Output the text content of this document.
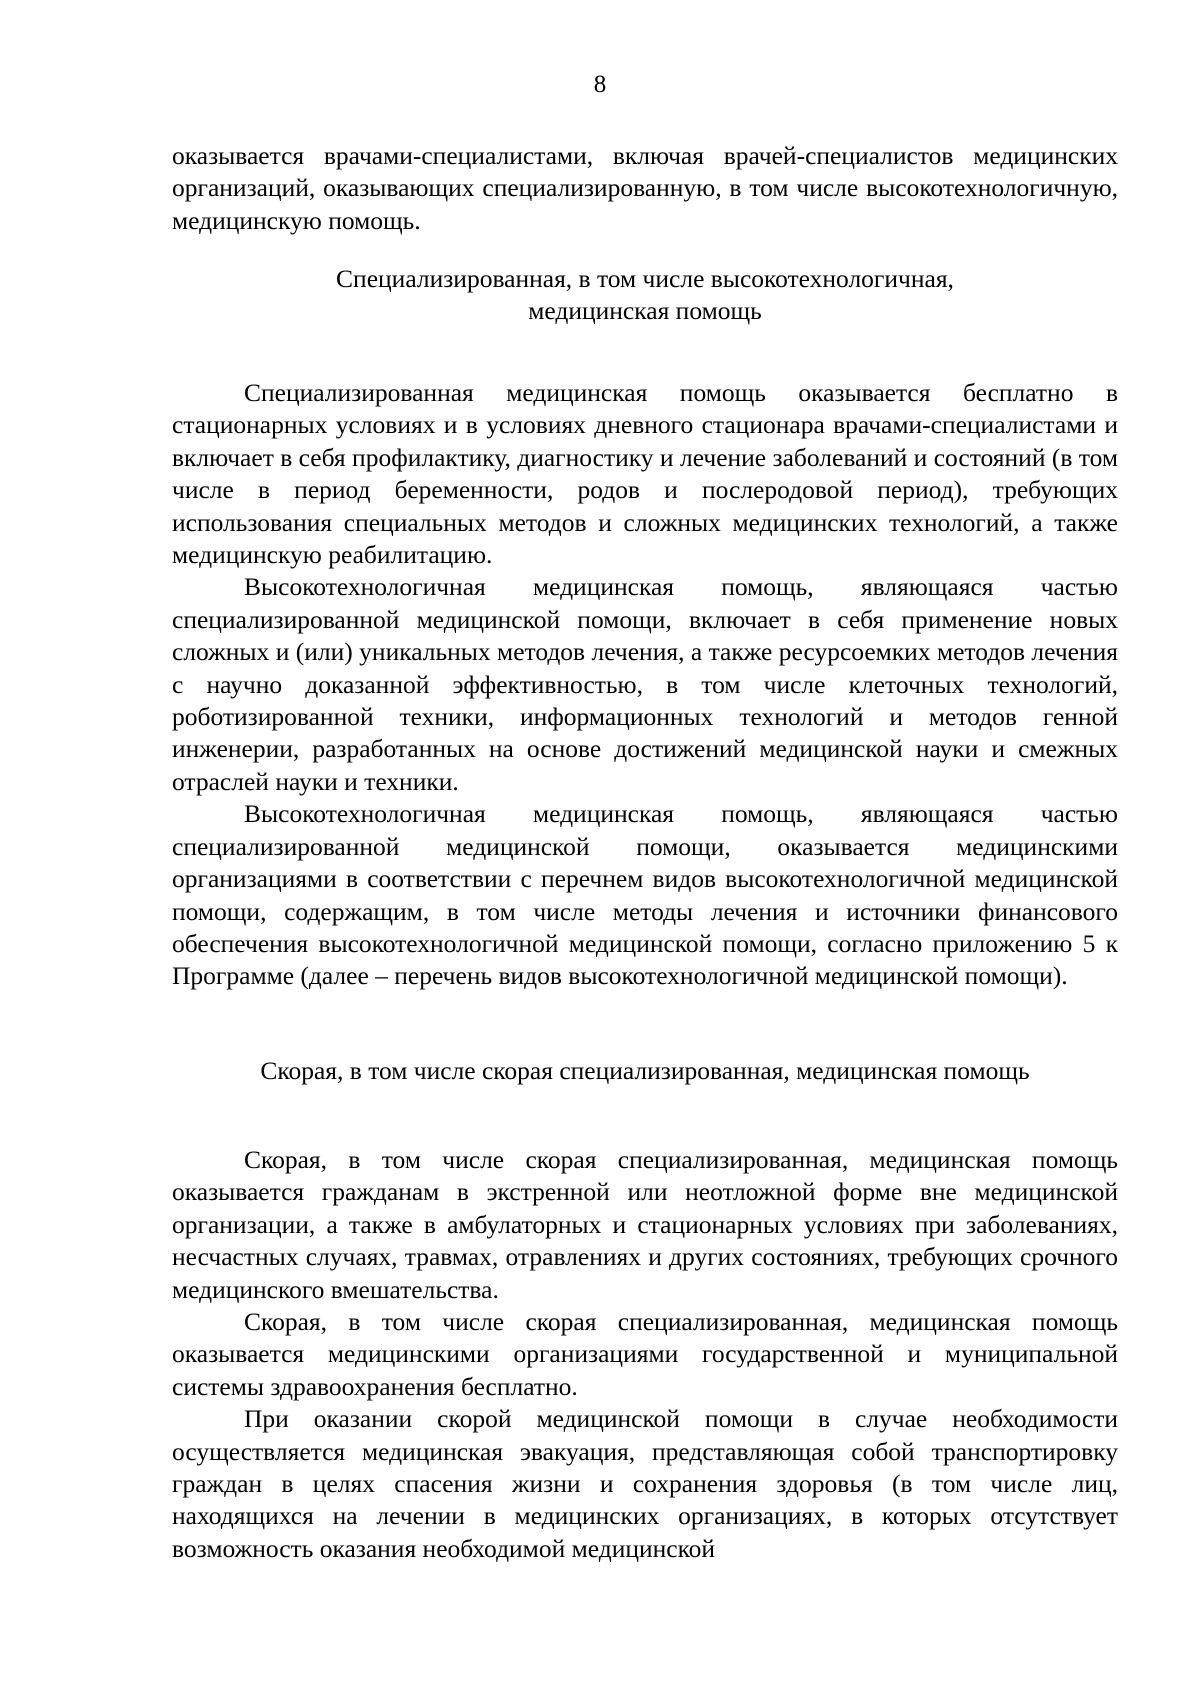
8

оказывается врачами-специалистами, включая врачей-специалистов медицинских организаций, оказывающих специализированную, в том числе высокотехнологичную, медицинскую помощь.

Специализированная, в том числе высокотехнологичная,
медицинская помощь

Специализированная медицинская помощь оказывается бесплатно в стационарных условиях и в условиях дневного стационара врачами-специалистами и включает в себя профилактику, диагностику и лечение заболеваний и состояний (в том числе в период беременности, родов и послеродовой период), требующих использования специальных методов и сложных медицинских технологий, а также медицинскую реабилитацию.

Высокотехнологичная медицинская помощь, являющаяся частью специализированной медицинской помощи, включает в себя применение новых сложных и (или) уникальных методов лечения, а также ресурсоемких методов лечения с научно доказанной эффективностью, в том числе клеточных технологий, роботизированной техники, информационных технологий и методов генной инженерии, разработанных на основе достижений медицинской науки и смежных отраслей науки и техники.

Высокотехнологичная медицинская помощь, являющаяся частью специализированной медицинской помощи, оказывается медицинскими организациями в соответствии с перечнем видов высокотехнологичной медицинской помощи, содержащим, в том числе методы лечения и источники финансового обеспечения высокотехнологичной медицинской помощи, согласно приложению 5 к Программе (далее – перечень видов высокотехнологичной медицинской помощи).

Скорая, в том числе скорая специализированная, медицинская помощь

Скорая, в том числе скорая специализированная, медицинская помощь оказывается гражданам в экстренной или неотложной форме вне медицинской организации, а также в амбулаторных и стационарных условиях при заболеваниях, несчастных случаях, травмах, отравлениях и других состояниях, требующих срочного медицинского вмешательства.

Скорая, в том числе скорая специализированная, медицинская помощь оказывается медицинскими организациями государственной и муниципальной системы здравоохранения бесплатно.

При оказании скорой медицинской помощи в случае необходимости осуществляется медицинская эвакуация, представляющая собой транспортировку граждан в целях спасения жизни и сохранения здоровья (в том числе лиц, находящихся на лечении в медицинских организациях, в которых отсутствует возможность оказания необходимой медицинской
